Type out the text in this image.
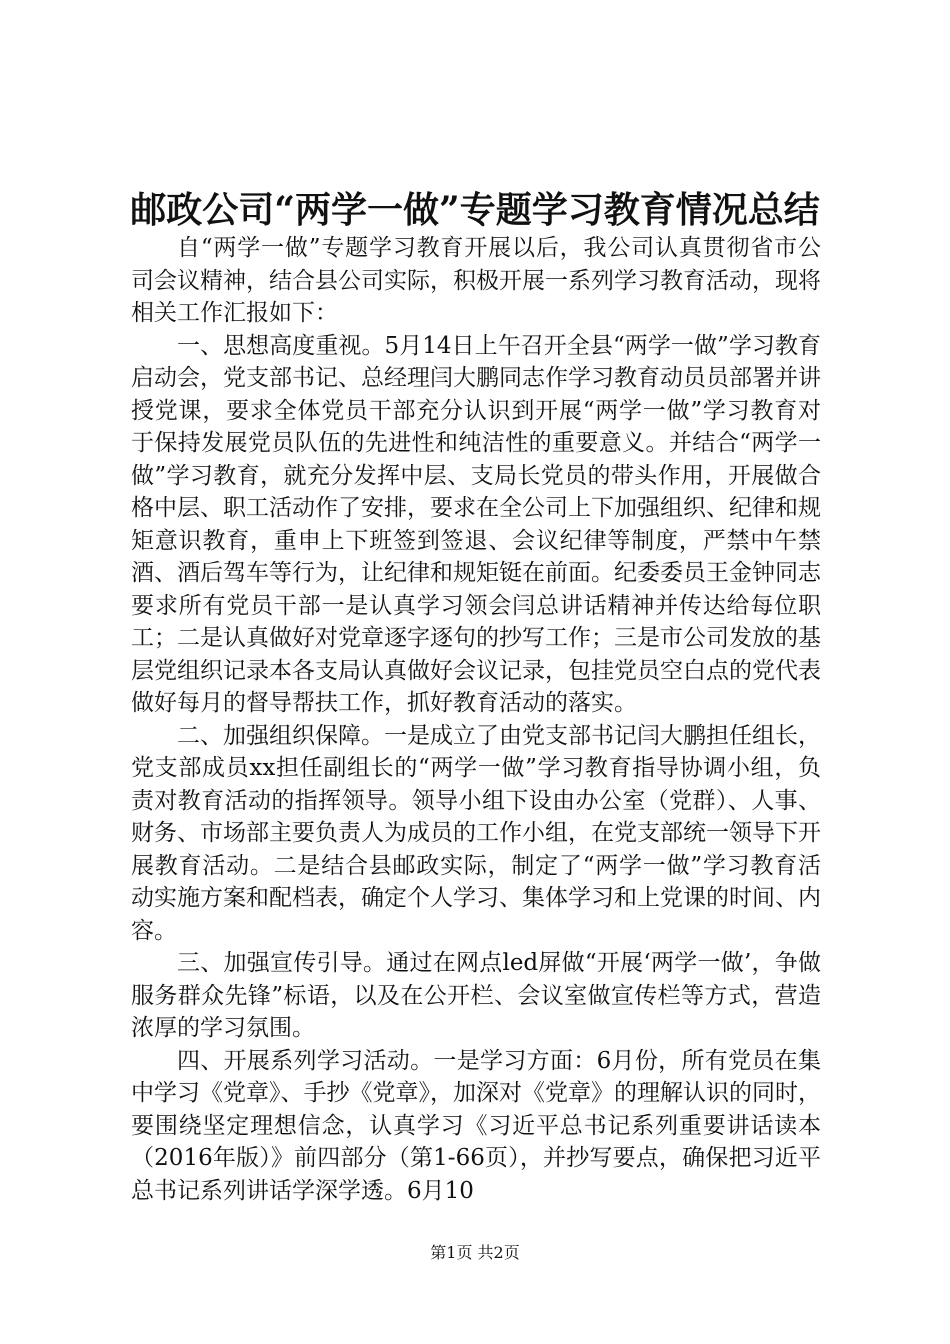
邮政公司“两学一做”专题学习教育情况总结

自“两学一做”专题学习教育开展以后，我公司认真贯彻省市公司会议精神，结合县公司实际，积极开展一系列学习教育活动，现将相关工作汇报如下：

一、思想高度重视。5月14日上午召开全县“两学一做”学习教育启动会，党支部书记、总经理闫大鹏同志作学习教育动员员部署并讲授党课，要求全体党员干部充分认识到开展“两学一做”学习教育对于保持发展党员队伍的先进性和纯洁性的重要意义。并结合“两学一做”学习教育，就充分发挥中层、支局长党员的带头作用，开展做合格中层、职工活动作了安排，要求在全公司上下加强组织、纪律和规矩意识教育，重申上下班签到签退、会议纪律等制度，严禁中午禁酒、酒后驾车等行为，让纪律和规矩铤在前面。纪委委员王金钟同志要求所有党员干部一是认真学习领会闫总讲话精神并传达给每位职工；二是认真做好对党章逐字逐句的抄写工作；三是市公司发放的基层党组织记录本各支局认真做好会议记录，包挂党员空白点的党代表做好每月的督导帮扶工作，抓好教育活动的落实。

二、加强组织保障。一是成立了由党支部书记闫大鹏担任组长，党支部成员xx担任副组长的“两学一做”学习教育指导协调小组，负责对教育活动的指挥领导。领导小组下设由办公室（党群）、人事、财务、市场部主要负责人为成员的工作小组，在党支部统一领导下开展教育活动。二是结合县邮政实际，制定了“两学一做”学习教育活动实施方案和配档表，确定个人学习、集体学习和上党课的时间、内容。

三、加强宣传引导。通过在网点led屏做“开展‘两学一做’，争做服务群众先锋”标语，以及在公开栏、会议室做宣传栏等方式，营造浓厚的学习氛围。

四、开展系列学习活动。一是学习方面：6月份，所有党员在集中学习《党章》、手抄《党章》，加深对《党章》的理解认识的同时，要围绕坚定理想信念，认真学习《习近平总书记系列重要讲话读本（2016年版）》前四部分（第1-66页），并抄写要点，确保把习近平总书记系列讲话学深学透。6月10

第1页 共2页
